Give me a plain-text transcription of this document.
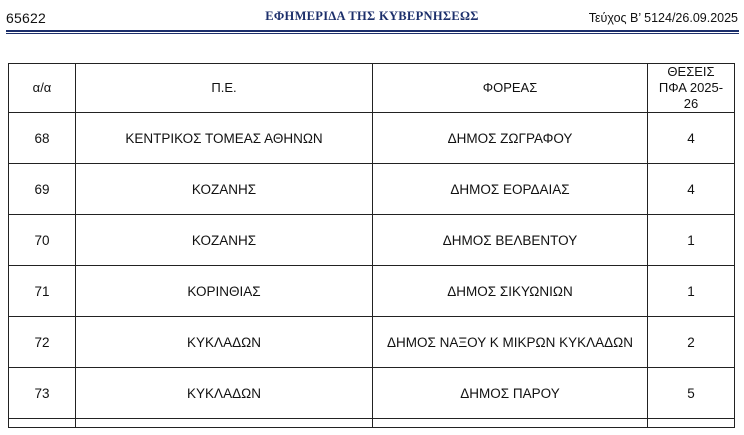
65622	ΕΦΗΜΕΡΙΔΑ ΤΗΣ ΚΥΒΕΡΝΗΣΕΩΣ	Τεύχος Β’ 5124/26.09.2025
α/α	Π.Ε.	ΦΟΡΕΑΣ	ΘΕΣΕΙΣ ΠΦΑ 2025-26
68	ΚΕΝΤΡΙΚΟΣ ΤΟΜΕΑΣ ΑΘΗΝΩΝ	ΔΗΜΟΣ ΖΩΓΡΑΦΟΥ	4
69	ΚΟΖΑΝΗΣ	ΔΗΜΟΣ ΕΟΡΔΑΙΑΣ	4
70	ΚΟΖΑΝΗΣ	ΔΗΜΟΣ ΒΕΛΒΕΝΤΟΥ	1
71	ΚΟΡΙΝΘΙΑΣ	ΔΗΜΟΣ ΣΙΚΥΩΝΙΩΝ	1
72	ΚΥΚΛΑΔΩΝ	ΔΗΜΟΣ ΝΑΞΟΥ Κ ΜΙΚΡΩΝ ΚΥΚΛΑΔΩΝ	2
73	ΚΥΚΛΑΔΩΝ	ΔΗΜΟΣ ΠΑΡΟΥ	5
